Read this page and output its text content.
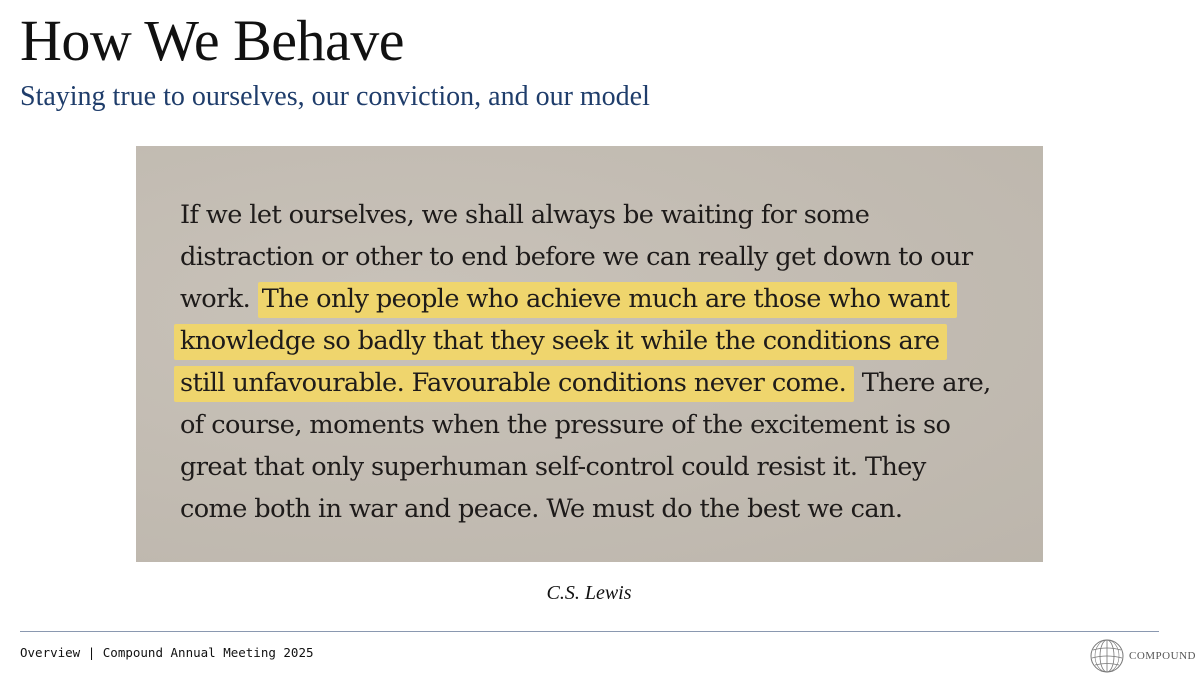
How We Behave
Staying true to ourselves, our conviction, and our model
If we let ourselves, we shall always be waiting for some
distraction or other to end before we can really get down to our
work. The only people who achieve much are those who want
knowledge so badly that they seek it while the conditions are
still unfavourable. Favourable conditions never come. There are,
of course, moments when the pressure of the excitement is so
great that only superhuman self-control could resist it. They
come both in war and peace. We must do the best we can.
C.S. Lewis
Overview | Compound Annual Meeting 2025	COMPOUND
